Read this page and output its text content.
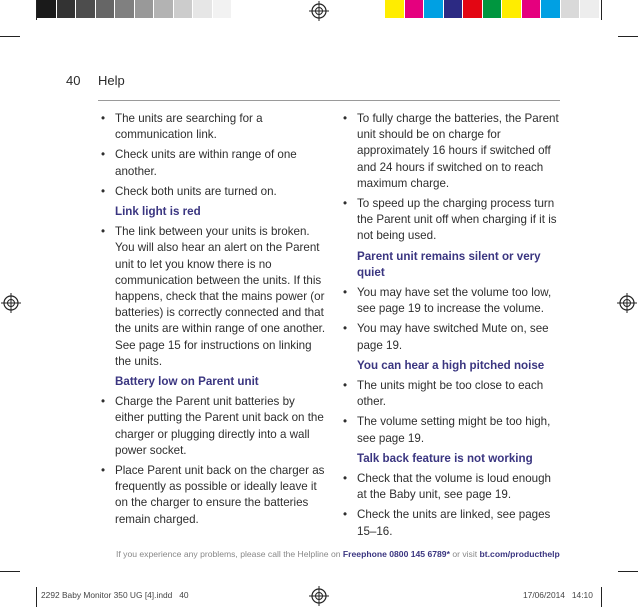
40 Help
• The units are searching for a communication link.
• Check units are within range of one another.
• Check both units are turned on.
Link light is red
• The link between your units is broken. You will also hear an alert on the Parent unit to let you know there is no communication between the units. If this happens, check that the mains power (or batteries) is correctly connected and that the units are within range of one another. See page 15 for instructions on linking the units.
Battery low on Parent unit
• Charge the Parent unit batteries by either putting the Parent unit back on the charger or plugging directly into a wall power socket.
• Place Parent unit back on the charger as frequently as possible or ideally leave it on the charger to ensure the batteries remain charged.
• To fully charge the batteries, the Parent unit should be on charge for approximately 16 hours if switched off and 24 hours if switched on to reach maximum charge.
• To speed up the charging process turn the Parent unit off when charging if it is not being used.
Parent unit remains silent or very quiet
• You may have set the volume too low, see page 19 to increase the volume.
• You may have switched Mute on, see page 19.
You can hear a high pitched noise
• The units might be too close to each other.
• The volume setting might be too high, see page 19.
Talk back feature is not working
• Check that the volume is loud enough at the Baby unit, see page 19.
• Check the units are linked, see pages 15–16.
If you experience any problems, please call the Helpline on Freephone 0800 145 6789* or visit bt.com/producthelp
2292 Baby Monitor 350 UG [4].indd   40	17/06/2014   14:10
